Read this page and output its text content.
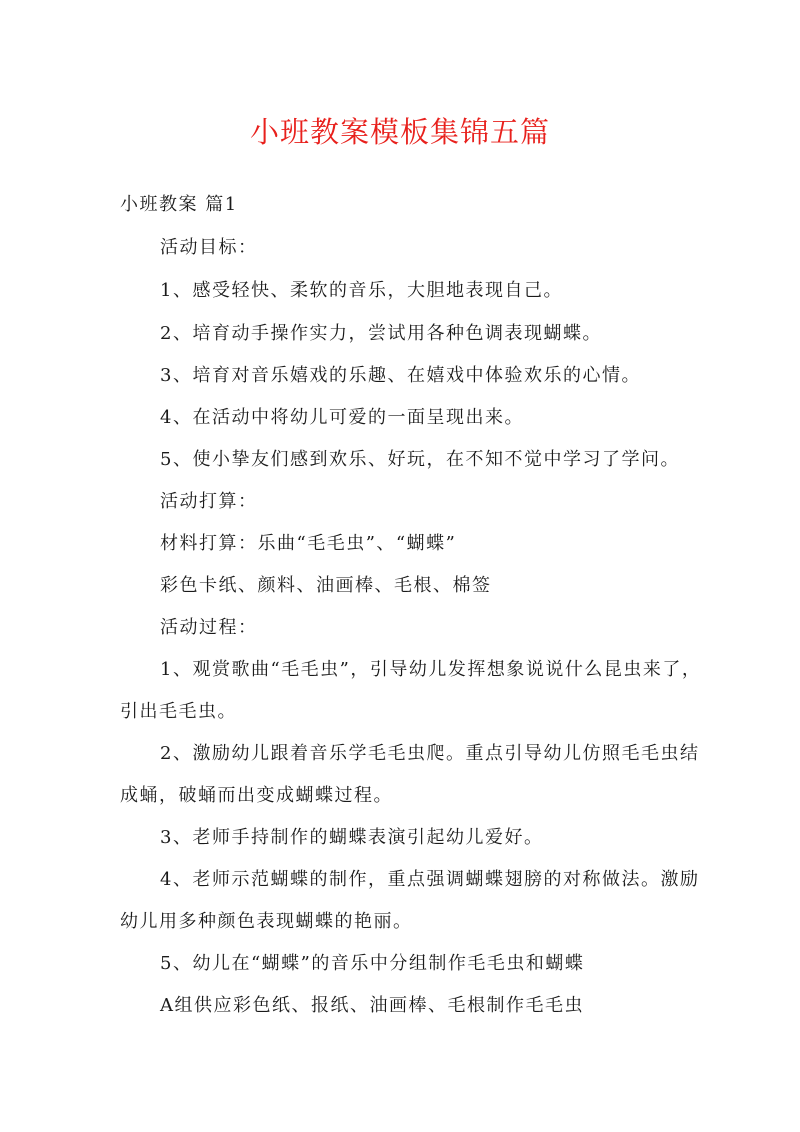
小班教案模板集锦五篇

小班教案 篇1

活动目标：

1、感受轻快、柔软的音乐，大胆地表现自己。

2、培育动手操作实力，尝试用各种色调表现蝴蝶。

3、培育对音乐嬉戏的乐趣、在嬉戏中体验欢乐的心情。

4、在活动中将幼儿可爱的一面呈现出来。

5、使小挚友们感到欢乐、好玩，在不知不觉中学习了学问。

活动打算：

材料打算：乐曲“毛毛虫”、“蝴蝶”

彩色卡纸、颜料、油画棒、毛根、棉签

活动过程：

1、观赏歌曲“毛毛虫”，引导幼儿发挥想象说说什么昆虫来了，

引出毛毛虫。

2、激励幼儿跟着音乐学毛毛虫爬。重点引导幼儿仿照毛毛虫结

成蛹，破蛹而出变成蝴蝶过程。

3、老师手持制作的蝴蝶表演引起幼儿爱好。

4、老师示范蝴蝶的制作，重点强调蝴蝶翅膀的对称做法。激励

幼儿用多种颜色表现蝴蝶的艳丽。

5、幼儿在“蝴蝶”的音乐中分组制作毛毛虫和蝴蝶

A组供应彩色纸、报纸、油画棒、毛根制作毛毛虫
